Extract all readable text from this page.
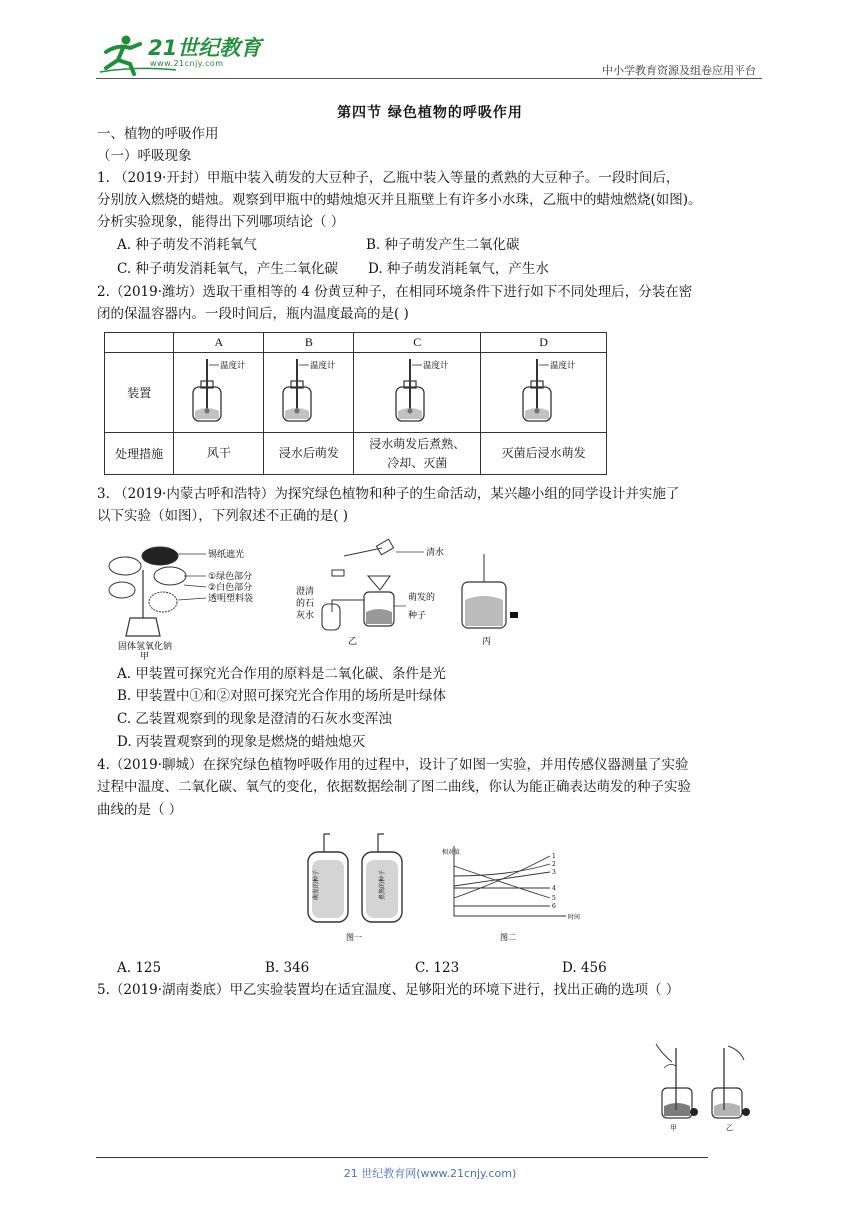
21世纪教育
www.21cnjy.com
中小学教育资源及组卷应用平台
第四节 绿色植物的呼吸作用
一、植物的呼吸作用
（一）呼吸现象
1. （2019·开封）甲瓶中装入萌发的大豆种子，乙瓶中装入等量的煮熟的大豆种子。一段时间后，
分别放入燃烧的蜡烛。观察到甲瓶中的蜡烛熄灭并且瓶壁上有许多小水珠，乙瓶中的蜡烛燃烧(如图)。
分析实验现象，能得出下列哪项结论（ ）
A. 种子萌发不消耗氧气	B. 种子萌发产生二氧化碳
C. 种子萌发消耗氧气，产生二氧化碳 D. 种子萌发消耗氧气，产生水
2.（2019·潍坊）选取干重相等的 4 份黄豆种子，在相同环境条件下进行如下不同处理后，分装在密
闭的保温容器内。一段时间后，瓶内温度最高的是( )
	A	B	C	D
装置	温度计	温度计	温度计	温度计

处理措施	风干	浸水后萌发	浸水萌发后煮熟、
冷却、灭菌	灭菌后浸水萌发
3. （2019·内蒙古呼和浩特）为探究绿色植物和种子的生命活动，某兴趣小组的同学设计并实施了
以下实验（如图），下列叙述不正确的是( )
锡纸遮光
①绿色部分
②白色部分
透明塑料袋
固体氢氧化钠
清水
澄清
的石
灰水
萌发的
种子
乙	丙
甲
A. 甲装置可探究光合作用的原料是二氧化碳、条件是光
B. 甲装置中①和②对照可探究光合作用的场所是叶绿体
C. 乙装置观察到的现象是澄清的石灰水变浑浊
D. 丙装置观察到的现象是燃烧的蜡烛熄灭
4.（2019·聊城）在探究绿色植物呼吸作用的过程中，设计了如图一实验，并用传感仪器测量了实验
过程中温度、二氧化碳、氧气的变化，依据数据绘制了图二曲线，你认为能正确表达萌发的种子实验
曲线的是（ ）
萌发的种子	煮熟的种子
图一
相对值
时间
1
2
3
4
5
6
图二
A. 125	B. 346	C. 123	D. 456
5.（2019·湖南娄底）甲乙实验装置均在适宜温度、足够阳光的环境下进行，找出正确的选项（ ）
甲	乙
21 世纪教育网(www.21cnjy.com)
